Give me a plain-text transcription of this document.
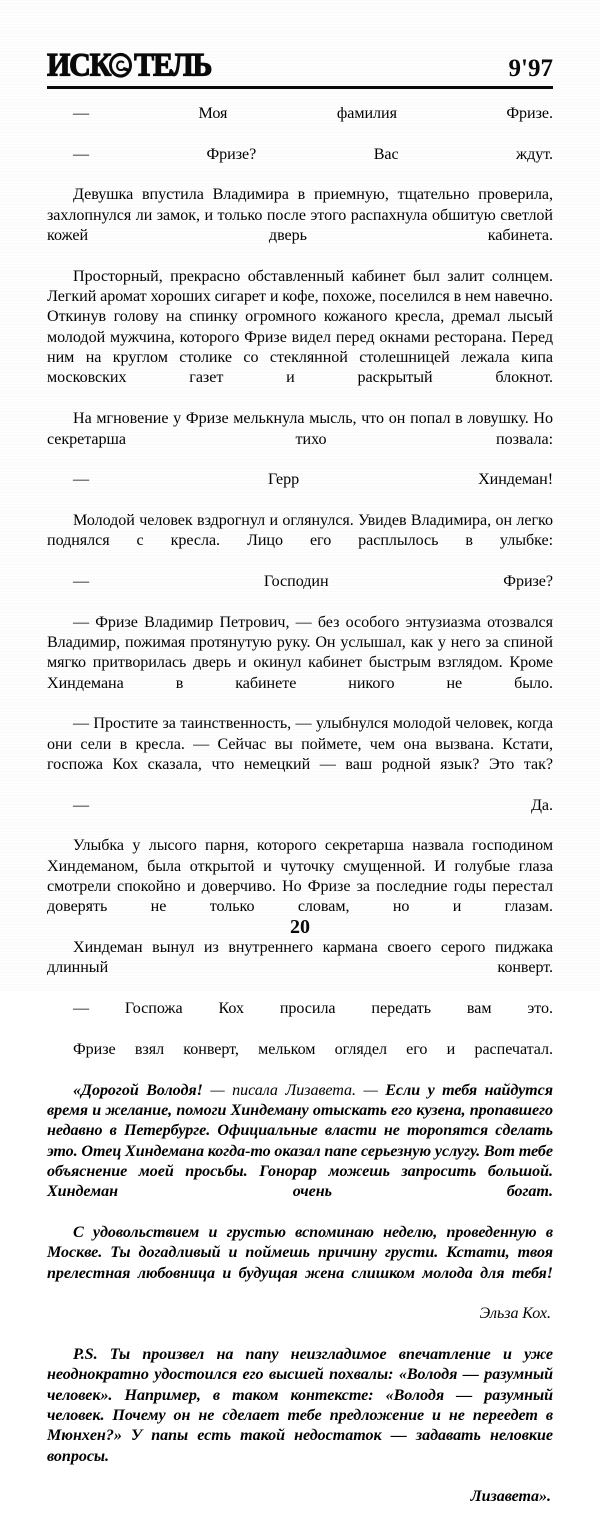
ИСК ТЕЛЬ	9'97

— Моя фамилия Фризе.

— Фризе? Вас ждут.

Девушка впустила Владимира в приемную, тщательно проверила, захлопнулся ли замок, и только после этого распахнула обшитую светлой кожей дверь кабинета.

Просторный, прекрасно обставленный кабинет был залит солнцем. Легкий аромат хороших сигарет и кофе, похоже, поселился в нем навечно. Откинув голову на спинку огромного кожаного кресла, дремал лысый молодой мужчина, которого Фризе видел перед окнами ресторана. Перед ним на круглом столике со стеклянной столешницей лежала кипа московских газет и раскрытый блокнот.

На мгновение у Фризе мелькнула мысль, что он попал в ловушку. Но секретарша тихо позвала:

— Герр Хиндеман!

Молодой человек вздрогнул и оглянулся. Увидев Владимира, он легко поднялся с кресла. Лицо его расплылось в улыбке:

— Господин Фризе?

— Фризе Владимир Петрович, — без особого энтузиазма отозвался Владимир, пожимая протянутую руку. Он услышал, как у него за спиной мягко притворилась дверь и окинул кабинет быстрым взглядом. Кроме Хиндемана в кабинете никого не было.

— Простите за таинственность, — улыбнулся молодой человек, когда они сели в кресла. — Сейчас вы поймете, чем она вызвана. Кстати, госпожа Кох сказала, что немецкий — ваш родной язык? Это так?

— Да.

Улыбка у лысого парня, которого секретарша назвала господином Хиндеманом, была открытой и чуточку смущенной. И голубые глаза смотрели спокойно и доверчиво. Но Фризе за последние годы перестал доверять не только словам, но и глазам.

Хиндеман вынул из внутреннего кармана своего серого пиджака длинный конверт.

— Госпожа Кох просила передать вам это.

Фризе взял конверт, мельком оглядел его и распечатал.

«Дорогой Володя! — писала Лизавета. — Если у тебя найдутся время и желание, помоги Хиндеману отыскать его кузена, пропавшего недавно в Петербурге. Официальные власти не торопятся сделать это. Отец Хиндемана когда-то оказал папе серьезную услугу. Вот тебе объяснение моей просьбы. Гонорар можешь запросить большой. Хиндеман очень богат.

С удовольствием и грустью вспоминаю неделю, проведенную в Москве. Ты догадливый и поймешь причину грусти. Кстати, твоя прелестная любовница и будущая жена слишком молода для тебя!

Эльза Кох.

P.S. Ты произвел на папу неизгладимое впечатление и уже неоднократно удостоился его высшей похвалы: «Володя — разумный человек». Например, в таком контексте: «Володя — разумный человек. Почему он не сделает тебе предложение и не переедет в Мюнхен?» У папы есть такой недостаток — задавать неловкие вопросы.

Лизавета».

20
